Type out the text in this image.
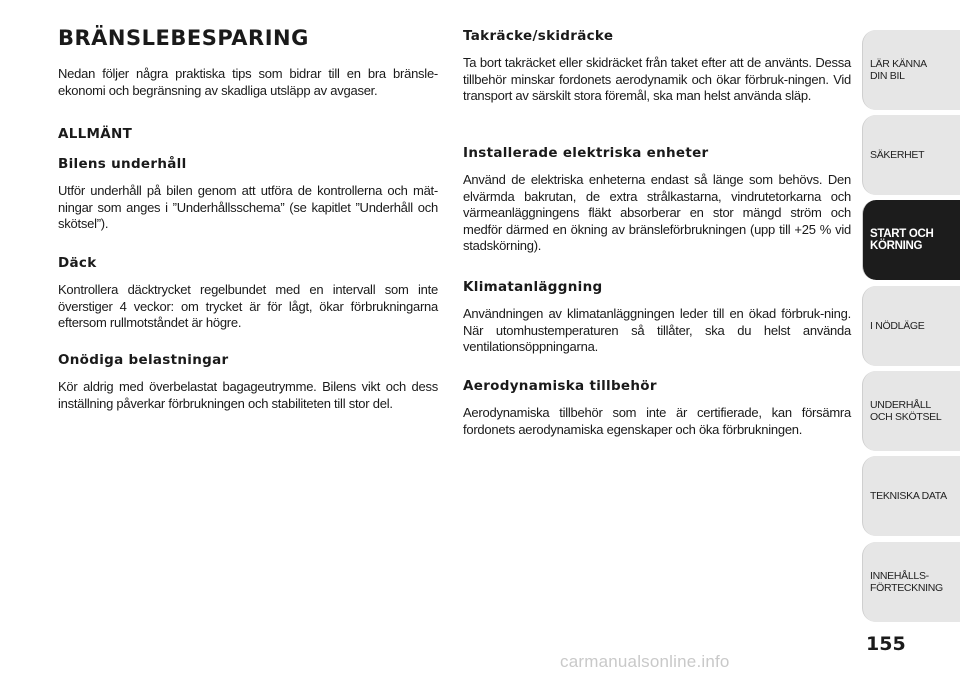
BRÄNSLEBESPARING

Nedan följer några praktiska tips som bidrar till en bra bränsle-ekonomi och begränsning av skadliga utsläpp av avgaser.

ALLMÄNT
Bilens underhåll

Utför underhåll på bilen genom att utföra de kontrollerna och mät-ningar som anges i ”Underhållsschema” (se kapitlet ”Underhåll och skötsel”).

Däck

Kontrollera däcktrycket regelbundet med en intervall som inte överstiger 4 veckor: om trycket är för lågt, ökar förbrukningarna eftersom rullmotståndet är högre.

Onödiga belastningar

Kör aldrig med överbelastat bagageutrymme. Bilens vikt och dess inställning påverkar förbrukningen och stabiliteten till stor del.

Takräcke/skidräcke

Ta bort takräcket eller skidräcket från taket efter att de använts. Dessa tillbehör minskar fordonets aerodynamik och ökar förbruk-ningen. Vid transport av särskilt stora föremål, ska man helst använda släp.

Installerade elektriska enheter

Använd de elektriska enheterna endast så länge som behövs. Den elvärmda bakrutan, de extra strålkastarna, vindrutetorkarna och värmeanläggningens fläkt absorberar en stor mängd ström och medför därmed en ökning av bränsleförbrukningen (upp till +25 % vid stadskörning).

Klimatanläggning

Användningen av klimatanläggningen leder till en ökad förbruk-ning. När utomhustemperaturen så tillåter, ska du helst använda ventilationsöppningarna.

Aerodynamiska tillbehör

Aerodynamiska tillbehör som inte är certifierade, kan försämra fordonets aerodynamiska egenskaper och öka förbrukningen.

LÄR KÄNNA
DIN BIL
SÄKERHET
START OCH
KÖRNING
I NÖDLÄGE
UNDERHÅLL
OCH SKÖTSEL
TEKNISKA DATA
INNEHÅLLS-
FÖRTECKNING

155

carmanualsonline.info
